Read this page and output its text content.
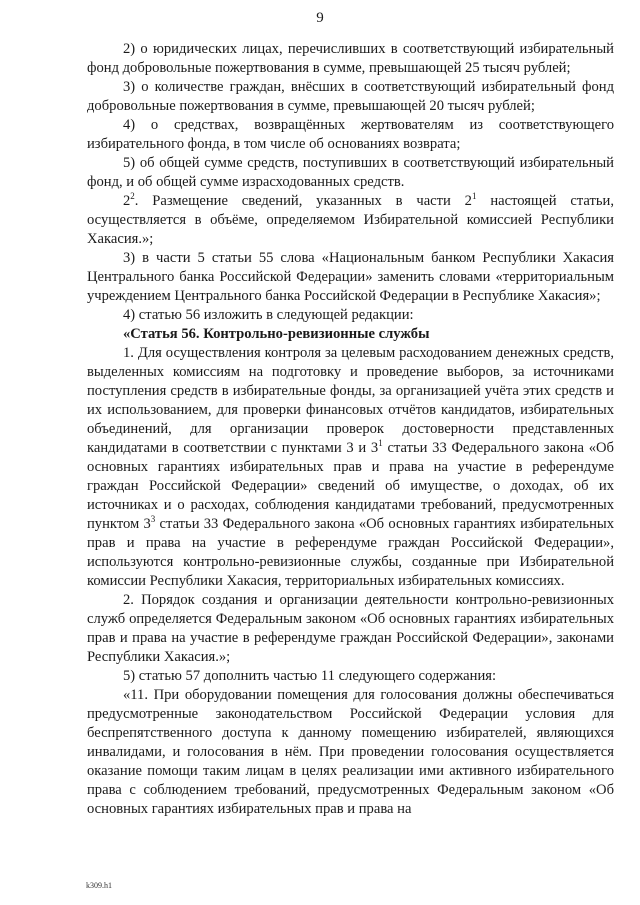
9

2) о юридических лицах, перечисливших в соответствующий избирательный фонд добровольные пожертвования в сумме, превышающей 25 тысяч рублей;

3) о количестве граждан, внёсших в соответствующий избирательный фонд добровольные пожертвования в сумме, превышающей 20 тысяч рублей;

4) о средствах, возвращённых жертвователям из соответствующего избирательного фонда, в том числе об основаниях возврата;

5) об общей сумме средств, поступивших в соответствующий избирательный фонд, и об общей сумме израсходованных средств.

$2^2$. Размещение сведений, указанных в части $2^1$ настоящей статьи, осуществляется в объёме, определяемом Избирательной комиссией Республики Хакасия.»;

3) в части 5 статьи 55 слова «Национальным банком Республики Хакасия Центрального банка Российской Федерации» заменить словами «территориальным учреждением Центрального банка Российской Федерации в Республике Хакасия»;

4) статью 56 изложить в следующей редакции:

«Статья 56. Контрольно-ревизионные службы

1. Для осуществления контроля за целевым расходованием денежных средств, выделенных комиссиям на подготовку и проведение выборов, за источниками поступления средств в избирательные фонды, за организацией учёта этих средств и их использованием, для проверки финансовых отчётов кандидатов, избирательных объединений, для организации проверок достоверности представленных кандидатами в соответствии с пунктами 3 и $3^1$ статьи 33 Федерального закона «Об основных гарантиях избирательных прав и права на участие в референдуме граждан Российской Федерации» сведений об имуществе, о доходах, об их источниках и о расходах, соблюдения кандидатами требований, предусмотренных пунктом $3^3$ статьи 33 Федерального закона «Об основных гарантиях избирательных прав и права на участие в референдуме граждан Российской Федерации», используются контрольно-ревизионные службы, созданные при Избирательной комиссии Республики Хакасия, территориальных избирательных комиссиях.

2. Порядок создания и организации деятельности контрольно-ревизионных служб определяется Федеральным законом «Об основных гарантиях избирательных прав и права на участие в референдуме граждан Российской Федерации», законами Республики Хакасия.»;

5) статью 57 дополнить частью 11 следующего содержания:

«11. При оборудовании помещения для голосования должны обеспечиваться предусмотренные законодательством Российской Федерации условия для беспрепятственного доступа к данному помещению избирателей, являющихся инвалидами, и голосования в нём. При проведении голосования осуществляется оказание помощи таким лицам в целях реализации ими активного избирательного права с соблюдением требований, предусмотренных Федеральным законом «Об основных гарантиях избирательных прав и права на

k309.h1
